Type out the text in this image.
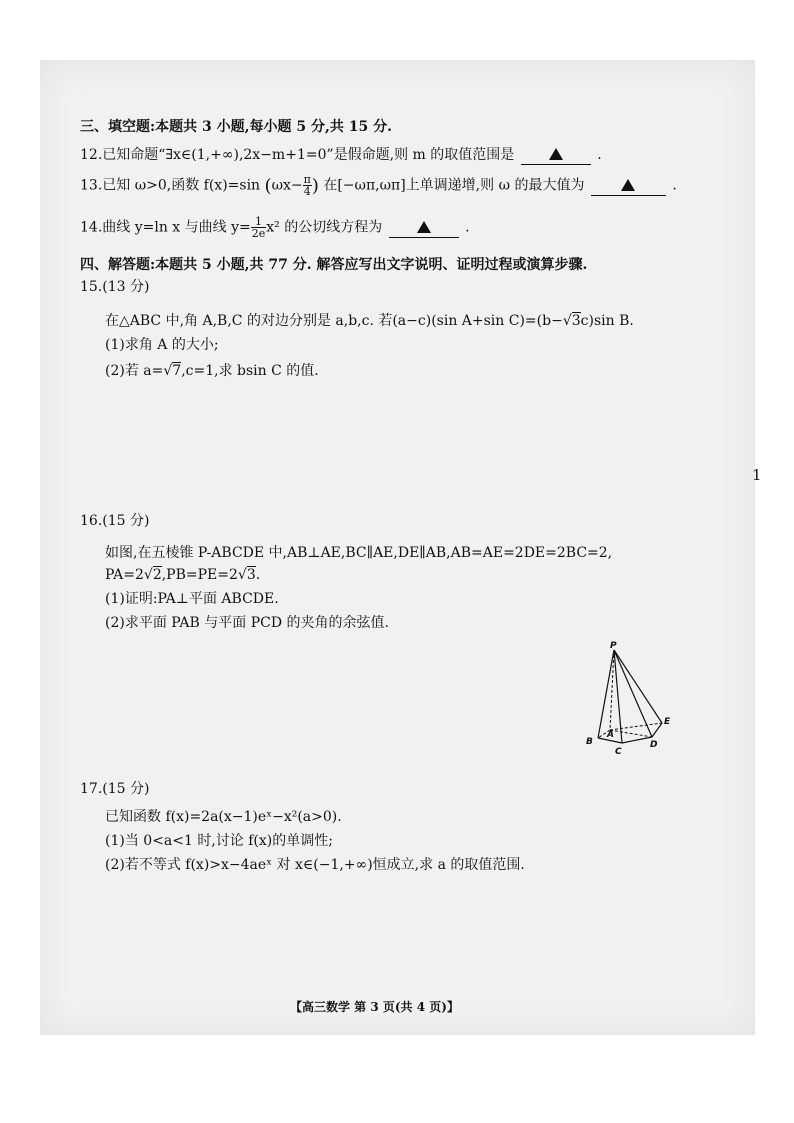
三、填空题:本题共 3 小题,每小题 5 分,共 15 分.
12.已知命题“∃x∈(1,+∞),2x−m+1=0”是假命题,则 m 的取值范围是	.
13.已知 ω>0,函数 f(x)=sin ($\omega x- \frac{\pi}{4}$ ) 在[−ωπ,ωπ]上单调递增,则 ω 的最大值为	.
14.曲线 y=ln x 与曲线 $y= \frac{1}{2e} x^2$ 的公切线方程为	.
四、解答题:本题共 5 小题,共 77 分. 解答应写出文字说明、证明过程或演算步骤.
15.(13 分)
在△ABC 中,角 A,B,C 的对边分别是 a,b,c. 若(a−c)(sin A+sin C)=(b−√3c)sin B.
(1)求角 A 的大小;
(2)若 a=√7,c=1,求 bsin C 的值.
1
16.(15 分)
如图,在五棱锥 P-ABCDE 中,AB⊥AE,BC∥AE,DE∥AB,AB=AE=2DE=2BC=2,
PA=2√2,PB=PE=2√3.
(1)证明:PA⊥平面 ABCDE.
(2)求平面 PAB 与平面 PCD 的夹角的余弦值.
P
A
B
C
D
E
17.(15 分)
已知函数 f(x)=2a(x−1)eˣ−x²(a>0).
(1)当 0<a<1 时,讨论 f(x)的单调性;
(2)若不等式 f(x)>x−4aeˣ 对 x∈(−1,+∞)恒成立,求 a 的取值范围.
【高三数学 第 3 页(共 4 页)】
